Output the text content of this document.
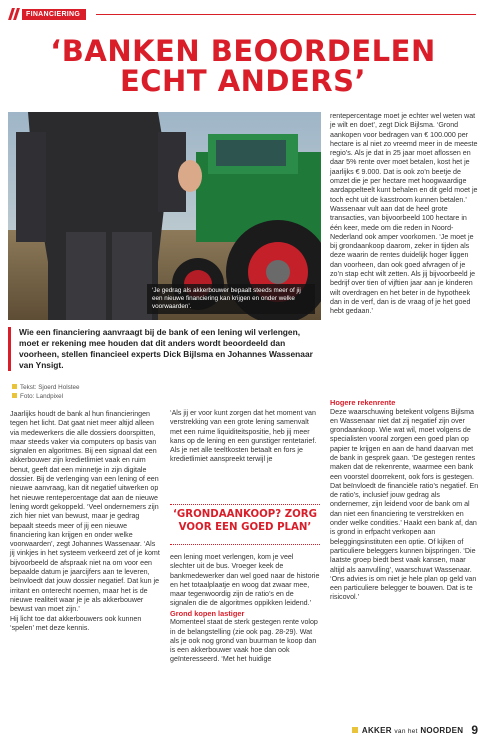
FINANCIERING
‘BANKEN BEOORDELEN ECHT ANDERS’
‘Je gedrag als akkerbouwer bepaalt steeds meer of jij een nieuwe financiering kan krijgen en onder welke voorwaarden’.
Wie een financiering aanvraagt bij de bank of een lening wil verlengen, moet er rekening mee houden dat dit anders wordt beoordeeld dan voorheen, stellen financieel experts Dick Bijlsma en Johannes Wassenaar van Ynsigt.
Tekst: Sjoerd Holstee
Foto: Landpixel

Jaarlijks houdt de bank al hun financieringen tegen het licht. Dat gaat niet meer altijd alleen via medewerkers die alle dossiers doorspitten, maar steeds vaker via computers op basis van signalen en algoritmes. Bij een signaal dat een akkerbouwer zijn kredietlimiet vaak en ruim benut, geeft dat een minnetje in zijn digitale dossier. Bij de verlenging van een lening of een nieuwe aanvraag, kan dit negatief uitwerken op het nieuwe rentepercentage dat aan de nieuwe lening wordt gekoppeld. ‘Veel ondernemers zijn zich hier niet van bewust, maar je gedrag bepaalt steeds meer of jij een nieuwe financiering kan krijgen en onder welke voorwaarden’, zegt Johannes Wassenaar. ‘Als jij vinkjes in het systeem verkeerd zet of je komt bijvoorbeeld de afspraak niet na om voor een bepaalde datum je jaarcijfers aan te leveren, beïnvloedt dat jouw dossier negatief. Dat kun je irritant en onterecht noemen, maar het is de nieuwe realiteit waar je je als akkerbouwer bewust van moet zijn.’

Hij licht toe dat akkerbouwers ook kunnen ‘spelen’ met deze kennis.

‘Als jij er voor kunt zorgen dat het moment van verstrekking van een grote lening samenvalt met een ruime liquiditeitspositie, heb jij meer kans op de lening en een gunstiger rentetarief. Als je net alle teeltkosten betaalt en fors je kredietlimiet aanspreekt terwijl je

‘GRONDAANKOOP? ZORG VOOR EEN GOED PLAN’

een lening moet verlengen, kom je veel slechter uit de bus. Vroeger keek de bankmedewerker dan wel goed naar de historie en het totaalplaatje en woog dat zwaar mee, maar tegenwoordig zijn de ratio’s en de signalen die de algoritmes oppikken leidend.’

Grond kopen lastiger

Momenteel staat de sterk gestegen rente volop in de belangstelling (zie ook pag. 28-29). Wat als je ook nog grond van buurman te koop dan is een akkerbouwer vaak hoe dan ook geïnteresseerd. ‘Met het huidige

rentepercentage moet je echter wel weten wat je wilt en doet’, zegt Dick Bijlsma. ‘Grond aankopen voor bedragen van € 100.000 per hectare is al niet zo vreemd meer in de meeste regio’s. Als je dat in 25 jaar moet aflossen en daar 5% rente over moet betalen, kost het je jaarlijks € 9.000. Dat is ook zo’n beetje de omzet die je per hectare met hoogwaardige aardappelteelt kunt behalen en dit geld moet je toch echt uit de kasstroom kunnen betalen.’

Wassenaar vult aan dat de heel grote transacties, van bijvoorbeeld 100 hectare in één keer, mede om die reden in Noord-Nederland ook amper voorkomen. ‘Je moet je bij grondaankoop daarom, zeker in tijden als deze waarin de rentes duidelijk hoger liggen dan voorheen, dan ook goed afvragen of je zo’n stap echt wilt zetten. Als jij bijvoorbeeld je bedrijf over tien of vijftien jaar aan je kinderen wilt overdragen en het beter in de hypotheek dan in de verf, dan is de vraag of je het goed hebt gedaan.’

Hogere rekenrente

Deze waarschuwing betekent volgens Bijlsma en Wassenaar niet dat zij negatief zijn over grondaankoop. Wie wat wil, moet volgens de specialisten vooral zorgen een goed plan op papier te krijgen en aan de hand daarvan met de bank in gesprek gaan. ‘De gestegen rentes maken dat de rekenrente, waarmee een bank een voorstel doorrekent, ook fors is gestegen. Dat beïnvloedt de financiële ratio’s negatief. En de ratio’s, inclusief jouw gedrag als ondernemer, zijn leidend voor de bank om al dan niet een financiering te verstrekken en onder welke condities.’ Haakt een bank af, dan is grond in erfpacht verkopen aan beleggingsinstituten een optie. Of kijken of particuliere beleggers kunnen bijspringen. ‘Die laatste groep biedt best vaak kansen, maar altijd als aanvulling’, waarschuwt Wassenaar. ‘Ons advies is om niet je hele plan op geld van een particuliere belegger te bouwen. Dat is te risicovol.’

AKKER van het NOORDEN 9
